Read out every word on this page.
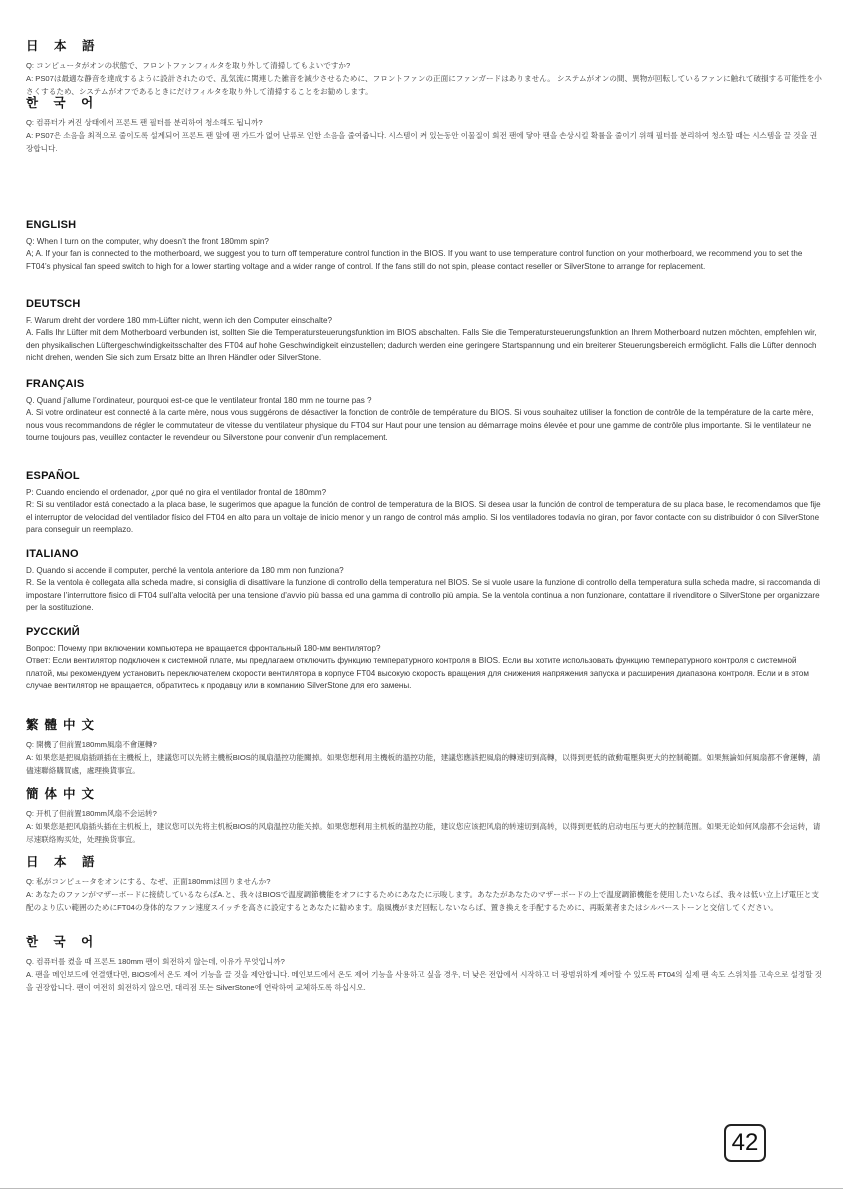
日 本 語

Q: コンピュータがオンの状態で、フロントファンフィルタを取り外して清掃してもよいですか?

A: PS07は最適な静音を達成するように設計されたので、乱気流に関連した雑音を減少させるために、フロントファンの正面にファンガードはありません。 システムがオンの間、異物が回転しているファンに触れて破損する可能性を小さくするため、システムがオフであるときにだけフィルタを取り外して清掃することをお勧めします。

한 국 어

Q: 컴퓨터가 켜진 상태에서 프론트 팬 필터를 분리하여 청소해도 됩니까?

A: PS07은 소음을 최적으로 줄이도록 설계되어 프론트 팬 앞에 팬 가드가 없어 난류로 인한 소음을 줄여줍니다. 시스템이 켜 있는동안 이물질이 회전 팬에 닿아 팬을 손상시킬 확률을 줄이기 위해 필터를 분리하여 청소할 때는 시스템을 끌 것을 권장합니다.

ENGLISH

Q: When I turn on the computer, why doesn’t the front 180mm spin?

A; A. If your fan is connected to the motherboard, we suggest you to turn off temperature control function in the BIOS. If you want to use temperature control function on your motherboard, we recommend you to set the FT04’s physical fan speed switch to high for a lower starting voltage and a wider range of control. If the fans still do not spin, please contact reseller or SilverStone to arrange for replacement.

DEUTSCH

F. Warum dreht der vordere 180 mm-Lüfter nicht, wenn ich den Computer einschalte?

A. Falls Ihr Lüfter mit dem Motherboard verbunden ist, sollten Sie die Temperatursteuerungsfunktion im BIOS abschalten. Falls Sie die Temperatursteuerungsfunktion an Ihrem Motherboard nutzen möchten, empfehlen wir, den physikalischen Lüftergeschwindigkeitsschalter des FT04 auf hohe Geschwindigkeit einzustellen; dadurch werden eine geringere Startspannung und ein breiterer Steuerungsbereich ermöglicht. Falls die Lüfter dennoch nicht drehen, wenden Sie sich zum Ersatz bitte an Ihren Händler oder SilverStone.

FRANÇAIS

Q. Quand j’allume l’ordinateur, pourquoi est-ce que le ventilateur frontal 180 mm ne tourne pas ?

A. Si votre ordinateur est connecté à la carte mère, nous vous suggérons de désactiver la fonction de contrôle de température du BIOS. Si vous souhaitez utiliser la fonction de contrôle de la température de la carte mère, nous vous recommandons de régler le commutateur de vitesse du ventilateur physique du FT04 sur Haut pour une tension au démarrage moins élevée et pour une gamme de contrôle plus importante. Si le ventilateur ne tourne toujours pas, veuillez contacter le revendeur ou Silverstone pour convenir d’un remplacement.

ESPAÑOL

P: Cuando enciendo el ordenador, ¿por qué no gira el ventilador frontal de 180mm?

R: Si su ventilador está conectado a la placa base, le sugerimos que apague la función de control de temperatura de la BIOS. Si desea usar la función de control de temperatura de su placa base, le recomendamos que fije el interruptor de velocidad del ventilador físico del FT04 en alto para un voltaje de inicio menor y un rango de control más amplio. Si los ventiladores todavía no giran, por favor contacte con su distribuidor ó con SilverStone para conseguir un reemplazo.

ITALIANO

D. Quando si accende il computer, perché la ventola anteriore da 180 mm non funziona?

R. Se la ventola è collegata alla scheda madre, si consiglia di disattivare la funzione di controllo della temperatura nel BIOS. Se si vuole usare la funzione di controllo della temperatura sulla scheda madre, si raccomanda di impostare l’interruttore fisico di FT04 sull’alta velocità per una tensione d’avvio più bassa ed una gamma di controllo più ampia. Se la ventola continua a non funzionare, contattare il rivenditore o SilverStone per organizzare per la sostituzione.

РУССКИЙ

Вопрос: Почему при включении компьютера не вращается фронтальный 180-мм вентилятор?

Ответ: Если вентилятор подключен к системной плате, мы предлагаем отключить функцию температурного контроля в BIOS. Если вы хотите использовать функцию температурного контроля с системной платой, мы рекомендуем установить переключателем скорости вентилятора в корпусе FT04 высокую скорость вращения для снижения напряжения запуска и расширения диапазона контроля. Если и в этом случае вентилятор не вращается, обратитесь к продавцу или в компанию SilverStone для его замены.

繁體中文

Q: 開機了但前置180mm風扇不會運轉?

A: 如果您是把風扇插頭插在主機板上，建議您可以先將主機板BIOS的風扇溫控功能關掉。如果您想利用主機板的溫控功能，建議您應該把風扇的轉速切到高轉，以得到更低的啟動電壓與更大的控制範圍。如果無論如何風扇都不會運轉，請儘速聯絡購買處，處理換貨事宜。

簡体中文

Q: 开机了但前置180mm风扇不会运转?

A: 如果您是把风扇插头插在主机板上，建议您可以先将主机板BIOS的风扇温控功能关掉。如果您想利用主机板的温控功能，建议您应该把风扇的转速切到高转，以得到更低的启动电压与更大的控制范围。如果无论如何风扇都不会运转，请尽速联络购买处，处理换货事宜。

日 本 語

Q: 私がコンピュータをオンにする、なぜ、正面180mmは回りませんか?

A: あなたのファンがマザーボードに接続しているならばA.と、我々はBIOSで温度調節機能をオフにするためにあなたに示唆します。あなたがあなたのマザーボードの上で温度調節機能を使用したいならば、我々は低い立上げ電圧と支配のより広い範囲のためにFT04の身体的なファン速度スイッチを高さに設定するとあなたに勧めます。扇風機がまだ回転しないならば、置き換えを手配するために、再販業者またはシルバーストーンと交信してください。

한 국 어

Q. 컴퓨터를 켰을 때 프론트 180mm 팬이 회전하지 않는데, 이유가 무엇입니까?

A. 팬을 메인보드에 연결했다면, BIOS에서 온도 제어 기능을 끌 것을 제안합니다. 메인보드에서 온도 제어 기능을 사용하고 싶을 경우, 더 낮은 전압에서 시작하고 더 광범위하게 제어할 수 있도록 FT04의 실제 팬 속도 스위치를 고속으로 설정할 것을 권장합니다. 팬이 여전히 회전하지 않으면, 대리점 또는 SilverStone에 연락하여 교체하도록 하십시오.

42
